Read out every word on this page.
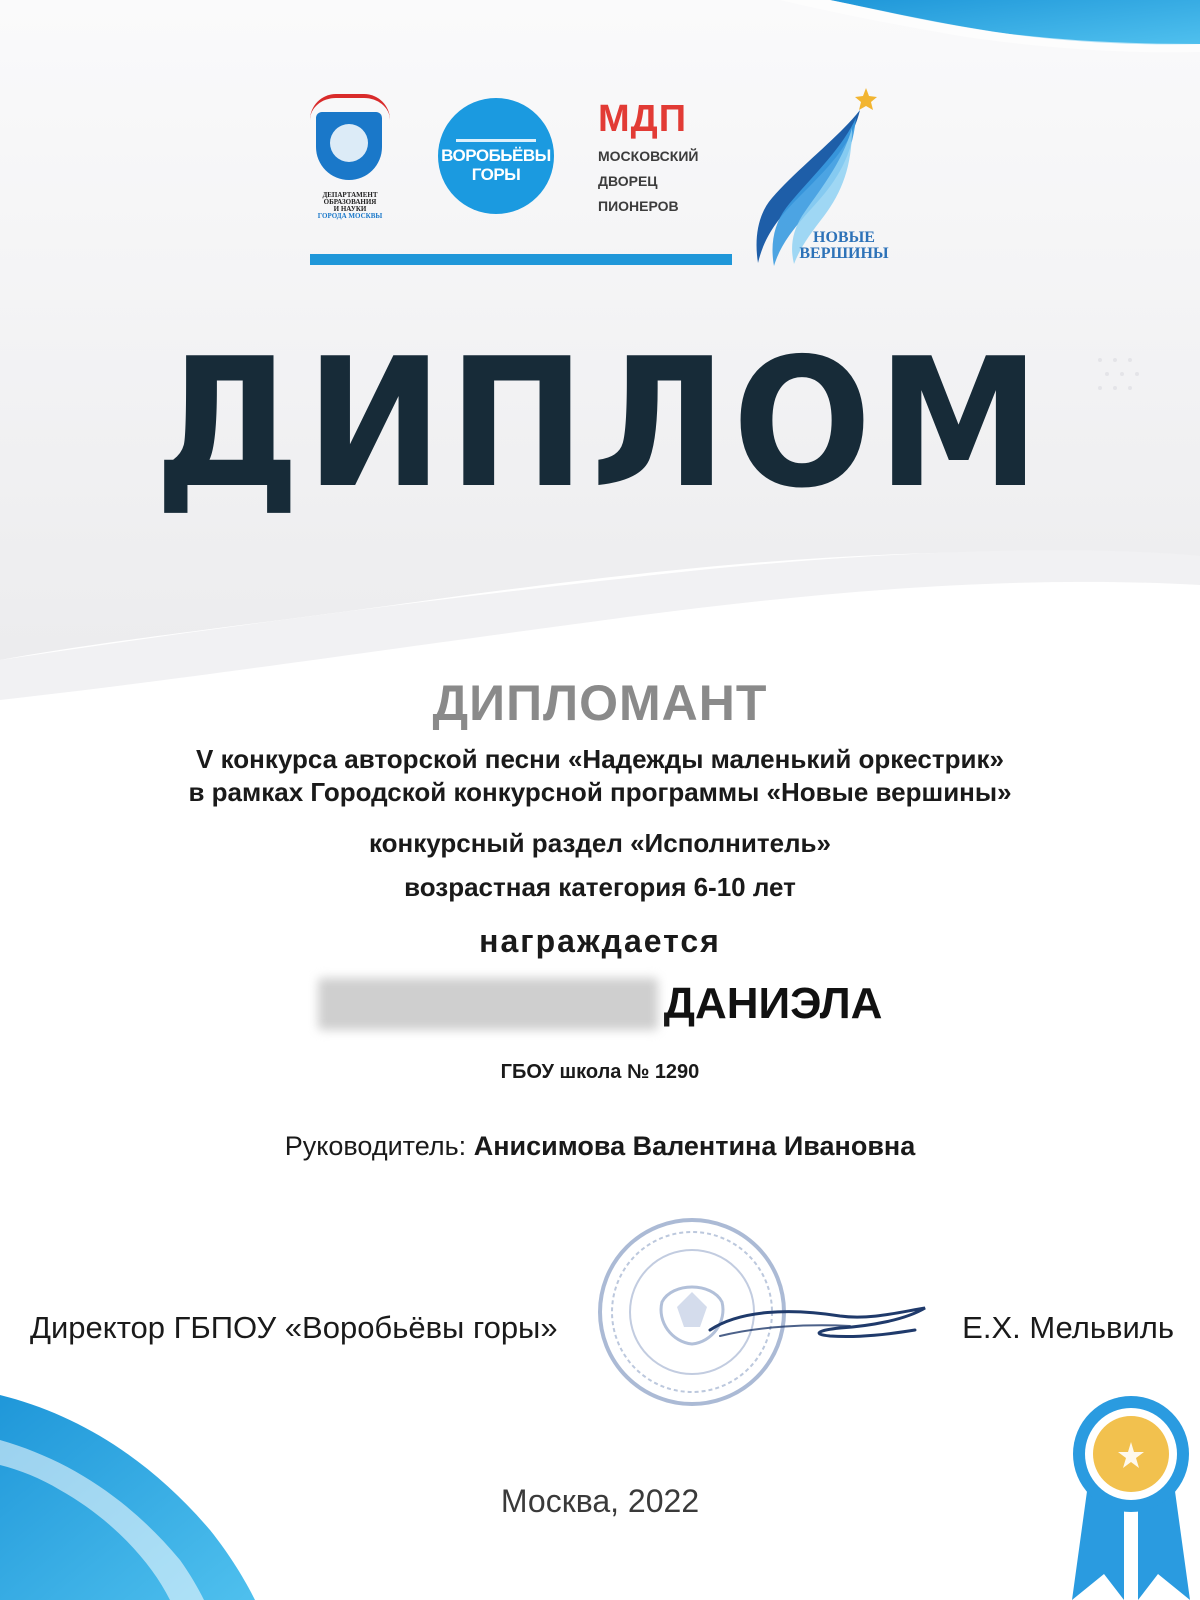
ДЕПАРТАМЕНТ
ОБРАЗОВАНИЯ
И НАУКИ
ГОРОДА МОСКВЫ
ВОРОБЬЁВЫ
ГОРЫ
МДП
МОСКОВСКИЙ
ДВОРЕЦ
ПИОНЕРОВ
НОВЫЕ
ВЕРШИНЫ
ДИПЛОМ
ДИПЛОМАНТ
V конкурса авторской песни «Надежды маленький оркестрик»
в рамках Городской конкурсной программы «Новые вершины»
конкурсный раздел «Исполнитель»
возрастная категория 6-10 лет
награждается
ДАНИЭЛА
ГБОУ школа № 1290
Руководитель: Анисимова Валентина Ивановна
Директор ГБПОУ «Воробьёвы горы»	Е.Х. Мельвиль
Москва, 2022
